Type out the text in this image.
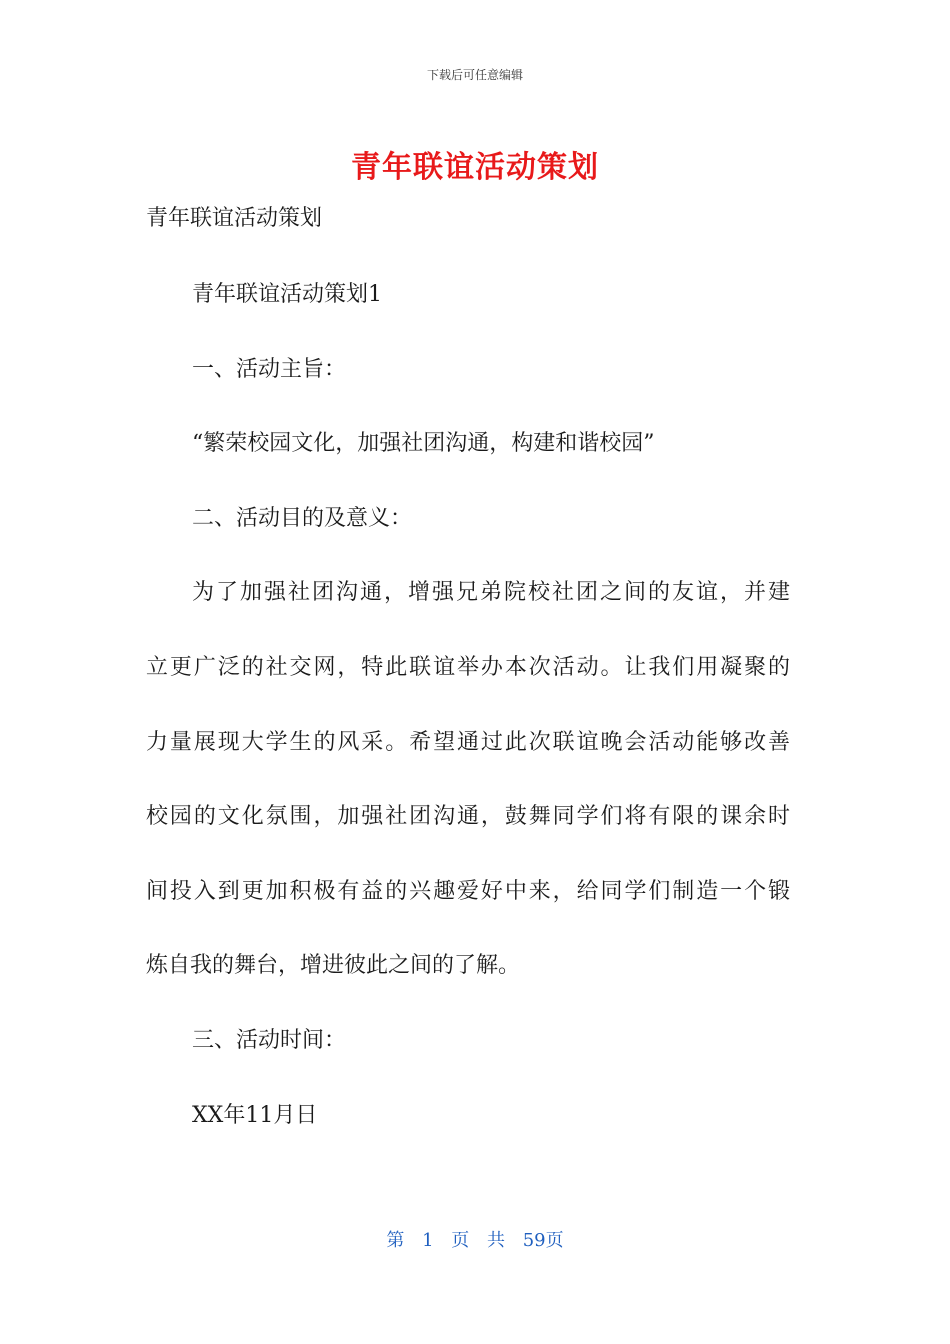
下载后可任意编辑
青年联谊活动策划
青年联谊活动策划
青年联谊活动策划1
一、活动主旨：
“繁荣校园文化，加强社团沟通，构建和谐校园”
二、活动目的及意义：
为了加强社团沟通，增强兄弟院校社团之间的友谊，并建
立更广泛的社交网，特此联谊举办本次活动。让我们用凝聚的
力量展现大学生的风采。希望通过此次联谊晚会活动能够改善
校园的文化氛围，加强社团沟通，鼓舞同学们将有限的课余时
间投入到更加积极有益的兴趣爱好中来，给同学们制造一个锻
炼自我的舞台，增进彼此之间的了解。
三、活动时间：
XX年11月日
第 1 页 共 59页
